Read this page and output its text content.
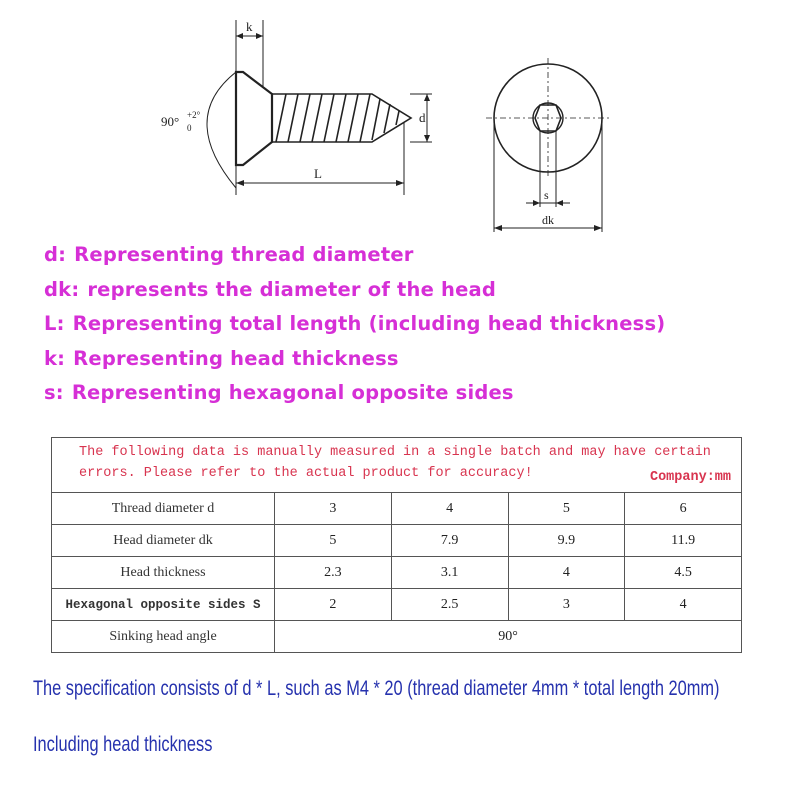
k
90° +2°
0
L
d
s
dk
d: Representing thread diameter
dk: represents the diameter of the head
L: Representing total length (including head thickness)
k: Representing head thickness
s: Representing hexagonal opposite sides
The following data is manually measured in a single batch and may have certain
errors. Please refer to the actual product for accuracy! Company:mm				

Thread diameter d	3	4	5	6
Head diameter dk	5	7.9	9.9	11.9
Head thickness	2.3	3.1	4	4.5
Hexagonal opposite sides S	2	2.5	3	4
Sinking head angle	90°			
The specification consists of d * L, such as M4 * 20 (thread diameter 4mm * total length 20mm)
Including head thickness
